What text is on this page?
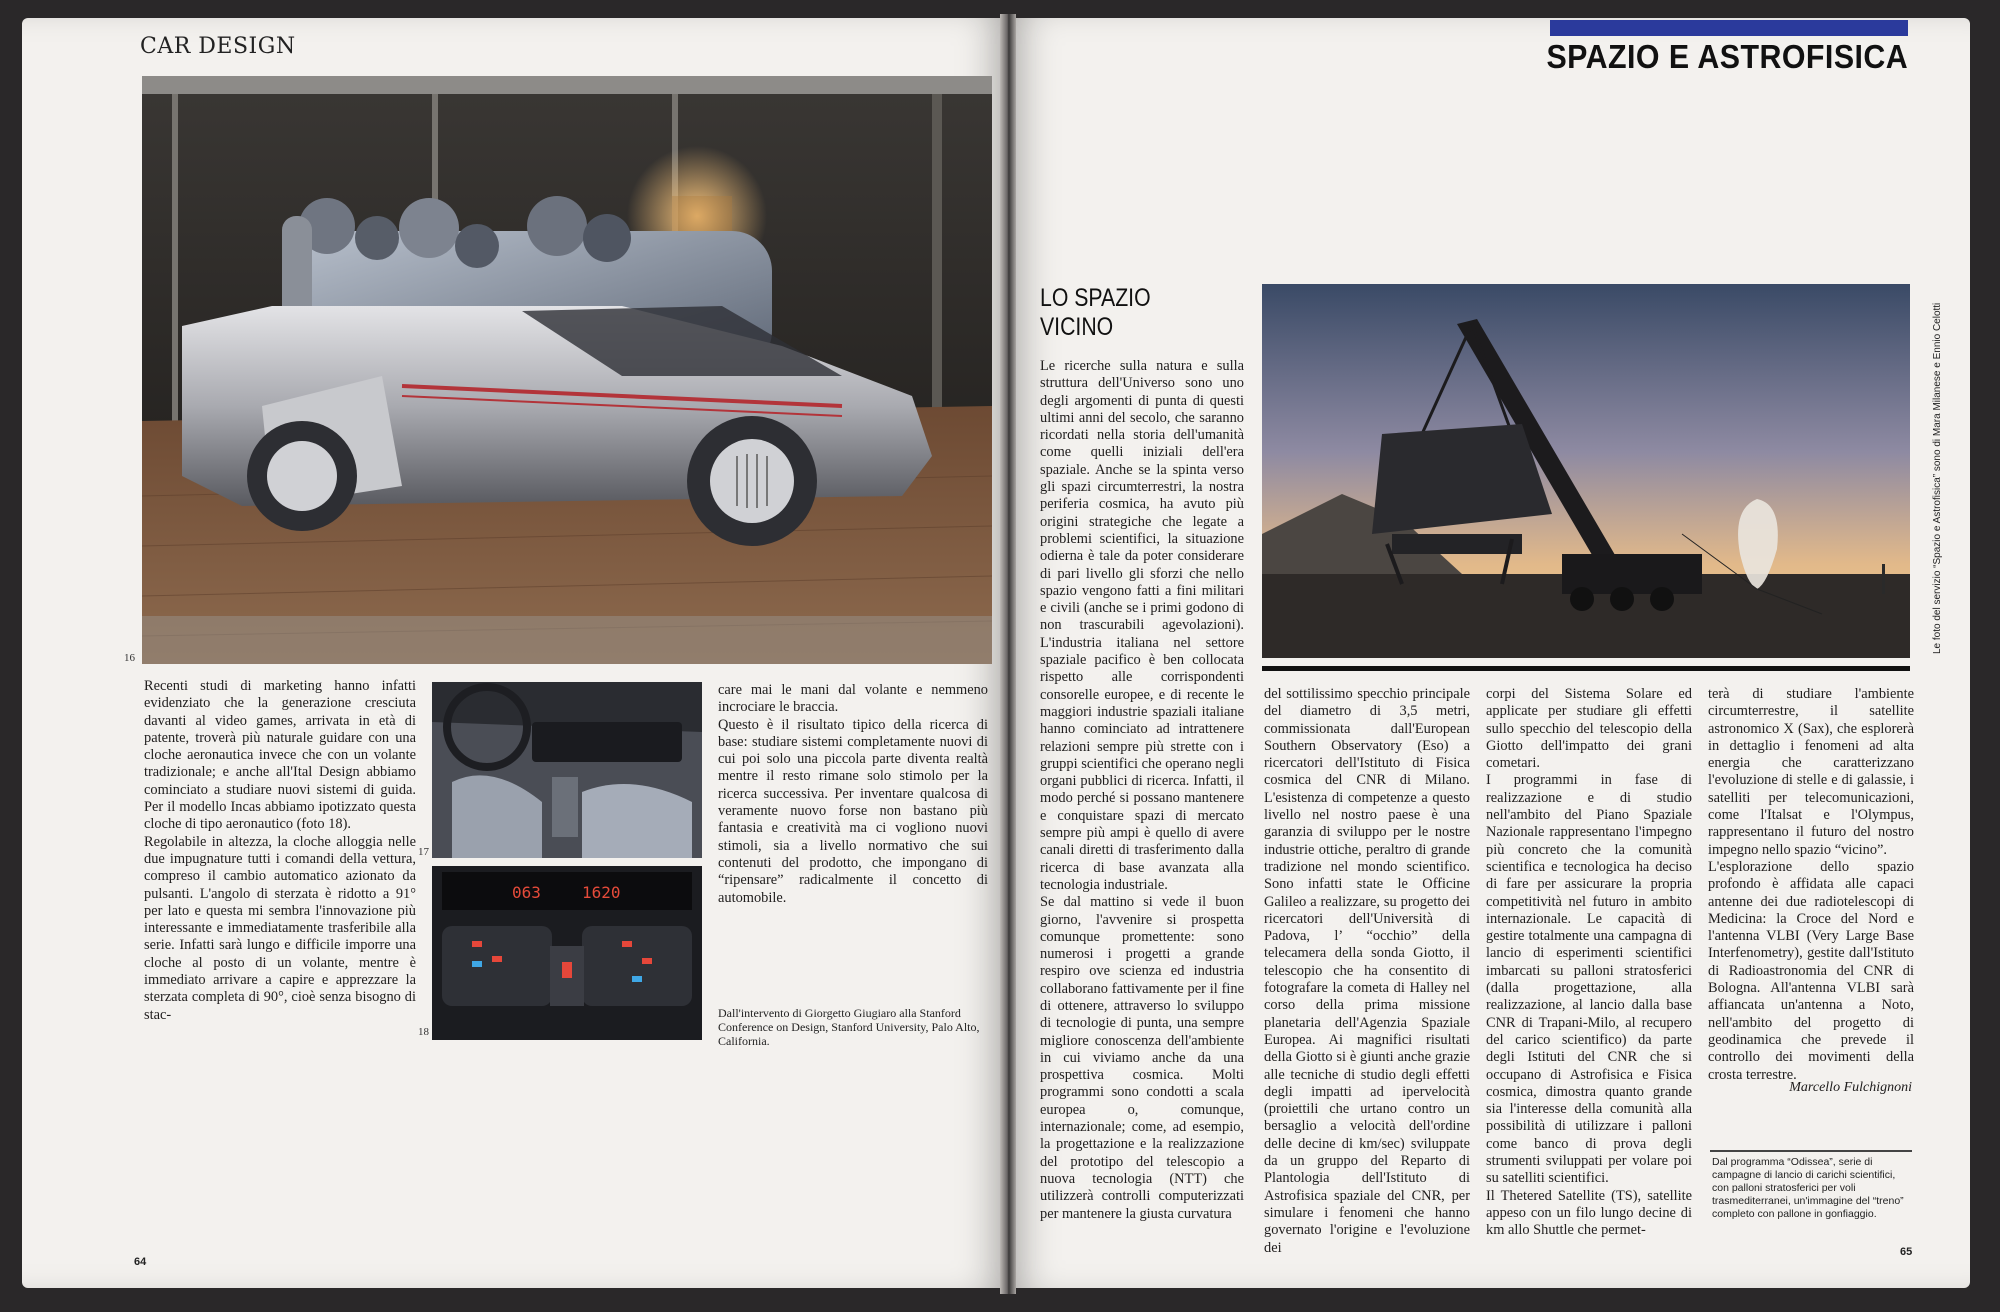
CAR DESIGN
16

Recenti studi di marketing hanno infatti evidenziato che la generazione cresciuta davanti al video games, arrivata in età di patente, troverà più naturale guidare con una cloche aeronautica invece che con un volante tradizionale; e anche all'Ital Design abbiamo cominciato a studiare nuovi sistemi di guida. Per il modello Incas abbiamo ipotizzato questa cloche di tipo aeronautico (foto 18).

Regolabile in altezza, la cloche alloggia nelle due impugnature tutti i comandi della vettura, compreso il cambio automatico azionato da pulsanti. L'angolo di sterzata è ridotto a 91° per lato e questa mi sembra l'innovazione più interessante e immediatamente trasferibile alla serie. Infatti sarà lungo e difficile imporre una cloche al posto di un volante, mentre è immediato arrivare a capire e apprezzare la sterzata completa di 90°, cioè senza bisogno di stac-

17
063	1620
18

care mai le mani dal volante e nemmeno incrociare le braccia.

Questo è il risultato tipico della ricerca di base: studiare sistemi completamente nuovi di cui poi solo una piccola parte diventa realtà mentre il resto rimane solo stimolo per la ricerca successiva. Per inventare qualcosa di veramente nuovo forse non bastano più fantasia e creatività ma ci vogliono nuovi stimoli, sia a livello normativo che sui contenuti del prodotto, che impongano di “ripensare” radicalmente il concetto di automobile.

Dall'intervento di Giorgetto Giugiaro alla Stanford Conference on Design, Stanford University, Palo Alto, California.
64
SPAZIO E ASTROFISICA
Le foto del servizio “Spazio e Astrofisica” sono di Mara Milanese e Ennio Celotti
LO SPAZIO
VICINO

Le ricerche sulla natura e sulla struttura dell'Universo sono uno degli argomenti di punta di questi ultimi anni del secolo, che saranno ricordati nella storia dell'umanità come quelli iniziali dell'era spaziale. Anche se la spinta verso gli spazi circumterrestri, la nostra periferia cosmica, ha avuto più origini strategiche che legate a problemi scientifici, la situazione odierna è tale da poter considerare di pari livello gli sforzi che nello spazio vengono fatti a fini militari e civili (anche se i primi godono di non trascurabili agevolazioni). L'industria italiana nel settore spaziale pacifico è ben collocata rispetto alle corrispondenti consorelle europee, e di recente le maggiori industrie spaziali italiane hanno cominciato ad intrattenere relazioni sempre più strette con i gruppi scientifici che operano negli organi pubblici di ricerca. Infatti, il modo perché si possano mantenere e conquistare spazi di mercato sempre più ampi è quello di avere canali diretti di trasferimento dalla ricerca di base avanzata alla tecnologia industriale.

Se dal mattino si vede il buon giorno, l'avvenire si prospetta comunque promettente: sono numerosi i progetti a grande respiro ove scienza ed industria collaborano fattivamente per il fine di ottenere, attraverso lo sviluppo di tecnologie di punta, una sempre migliore conoscenza dell'ambiente in cui viviamo anche da una prospettiva cosmica. Molti programmi sono condotti a scala europea o, comunque, internazionale; come, ad esempio, la progettazione e la realizzazione del prototipo del telescopio a nuova tecnologia (NTT) che utilizzerà controlli computerizzati per mantenere la giusta curvatura

del sottilissimo specchio principale del diametro di 3,5 metri, commissionata dall'European Southern Observatory (Eso) a ricercatori dell'Istituto di Fisica cosmica del CNR di Milano. L'esistenza di competenze a questo livello nel nostro paese è una garanzia di sviluppo per le nostre industrie ottiche, peraltro di grande tradizione nel mondo scientifico. Sono infatti state le Officine Galileo a realizzare, su progetto dei ricercatori dell'Università di Padova, l’ “occhio” della telecamera della sonda Giotto, il telescopio che ha consentito di fotografare la cometa di Halley nel corso della prima missione planetaria dell'Agenzia Spaziale Europea. Ai magnifici risultati della Giotto si è giunti anche grazie alle tecniche di studio degli effetti degli impatti ad ipervelocità (proiettili che urtano contro un bersaglio a velocità dell'ordine delle decine di km/sec) sviluppate da un gruppo del Reparto di Plantologia dell'Istituto di Astrofisica spaziale del CNR, per simulare i fenomeni che hanno governato l'origine e l'evoluzione dei

corpi del Sistema Solare ed applicate per studiare gli effetti sullo specchio del telescopio della Giotto dell'impatto dei grani cometari.

I programmi in fase di realizzazione e di studio nell'ambito del Piano Spaziale Nazionale rappresentano l'impegno più concreto che la comunità scientifica e tecnologica ha deciso di fare per assicurare la propria competitività nel futuro in ambito internazionale. Le capacità di gestire totalmente una campagna di lancio di esperimenti scientifici imbarcati su palloni stratosferici (dalla progettazione, alla realizzazione, al lancio dalla base CNR di Trapani-Milo, al recupero del carico scientifico) da parte degli Istituti del CNR che si occupano di Astrofisica e Fisica cosmica, dimostra quanto grande sia l'interesse della comunità alla possibilità di utilizzare i palloni come banco di prova degli strumenti sviluppati per volare poi su satelliti scientifici.

Il Thetered Satellite (TS), satellite appeso con un filo lungo decine di km allo Shuttle che permet-

terà di studiare l'ambiente circumterrestre, il satellite astronomico X (Sax), che esplorerà in dettaglio i fenomeni ad alta energia che caratterizzano l'evoluzione di stelle e di galassie, i satelliti per telecomunicazioni, come l'Italsat e l'Olympus, rappresentano il futuro del nostro impegno nello spazio “vicino”.

L'esplorazione dello spazio profondo è affidata alle capaci antenne dei due radiotelescopi di Medicina: la Croce del Nord e l'antenna VLBI (Very Large Base Interfenometry), gestite dall'Istituto di Radioastronomia del CNR di Bologna. All'antenna VLBI sarà affiancata un'antenna a Noto, nell'ambito del progetto di geodinamica che prevede il controllo dei movimenti della crosta terrestre.

Marcello Fulchignoni
Dal programma “Odissea”, serie di campagne di lancio di carichi scientifici, con palloni stratosferici per voli trasmediterranei, un'immagine del “treno” completo con pallone in gonfiaggio.
65
